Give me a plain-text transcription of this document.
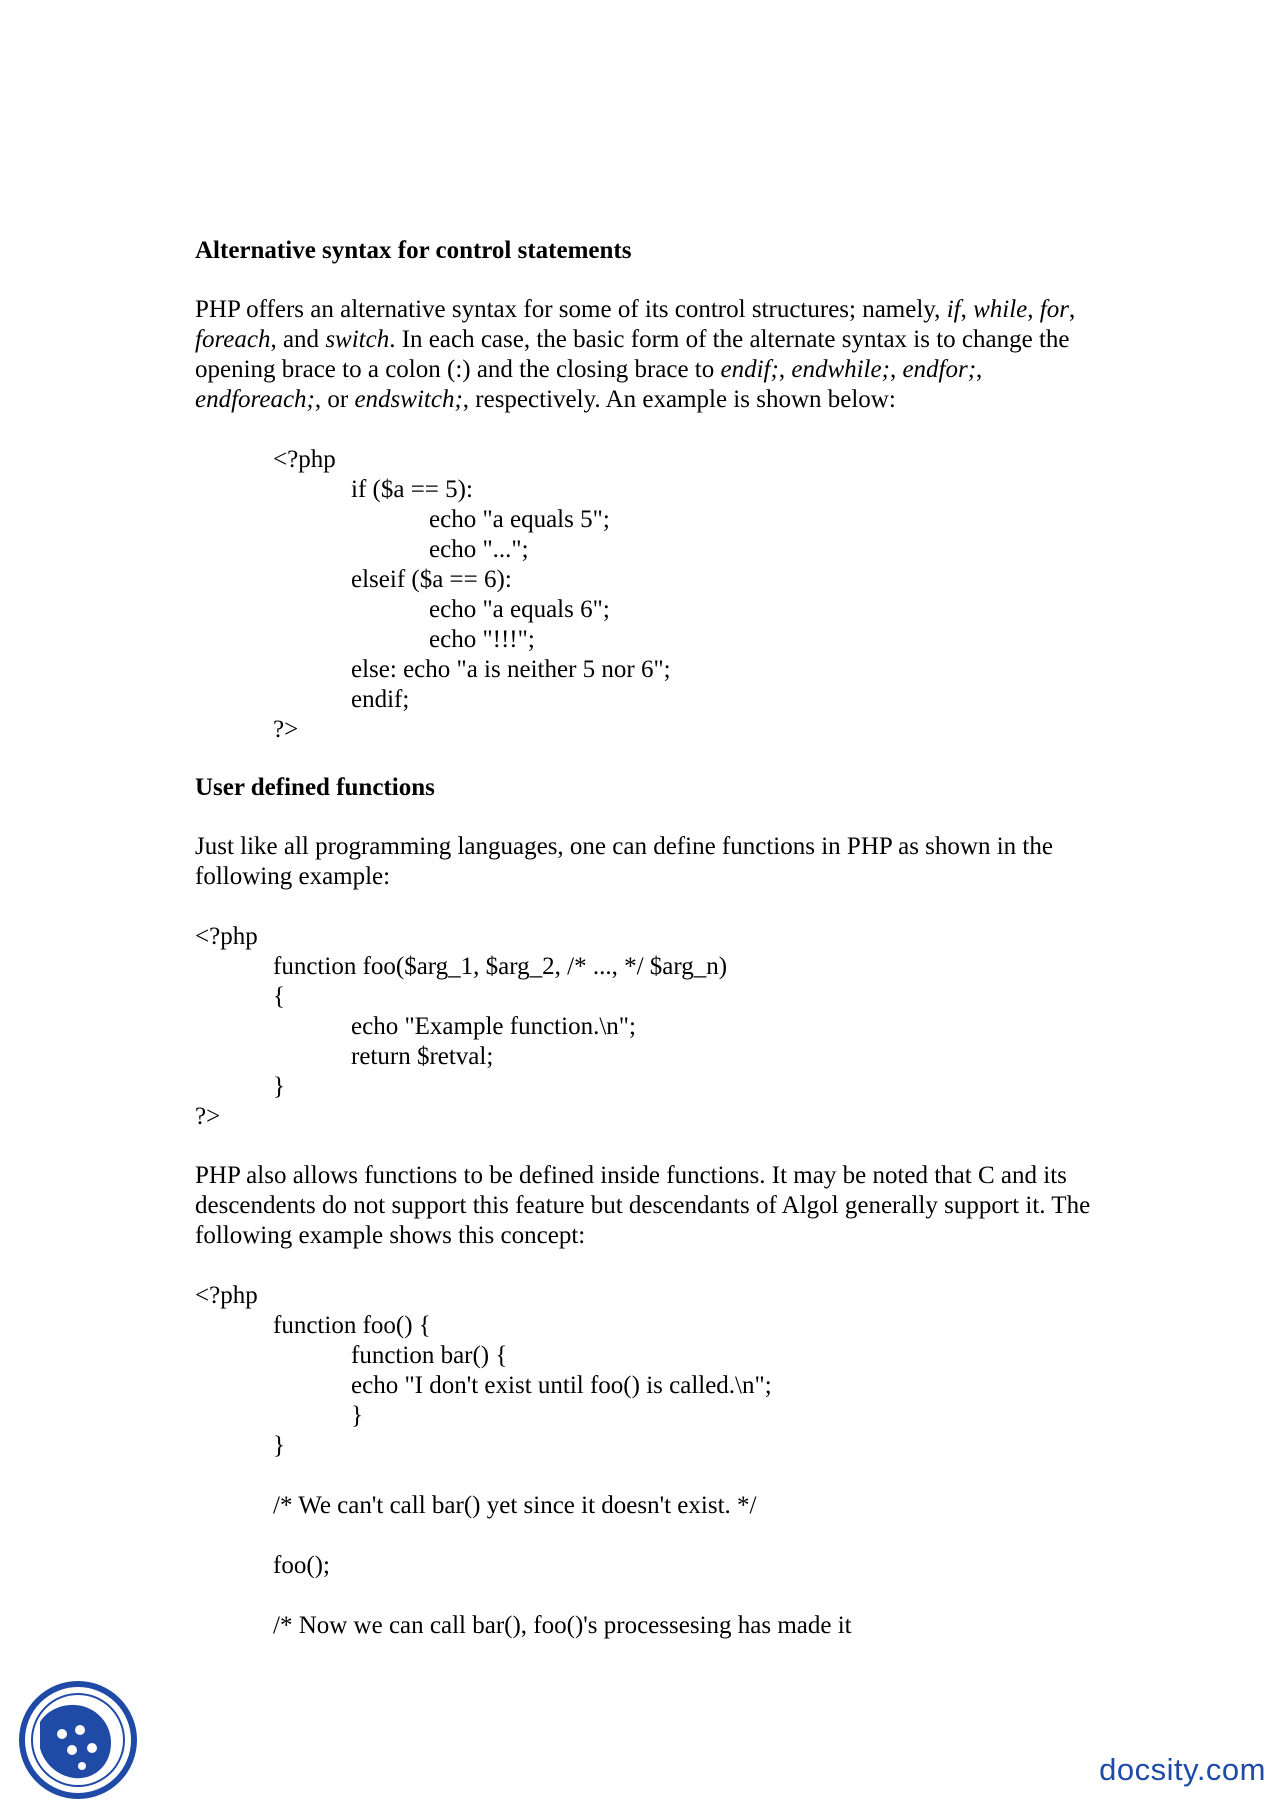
Alternative syntax for control statements
PHP offers an alternative syntax for some of its control structures; namely, if, while, for,
foreach, and switch. In each case, the basic form of the alternate syntax is to change the
opening brace to a colon (:) and the closing brace to endif;, endwhile;, endfor;,
endforeach;, or endswitch;, respectively. An example is shown below:
<?php
if ($a == 5):
echo "a equals 5";
echo "...";
elseif ($a == 6):
echo "a equals 6";
echo "!!!";
else: echo "a is neither 5 nor 6";
endif;
?>
User defined functions
Just like all programming languages, one can define functions in PHP as shown in the
following example:
<?php
function foo($arg_1, $arg_2, /* ..., */ $arg_n)
{
echo "Example function.\n";
return $retval;
}
?>
PHP also allows functions to be defined inside functions. It may be noted that C and its
descendents do not support this feature but descendants of Algol generally support it. The
following example shows this concept:
<?php
function foo() {
function bar() {
echo "I don't exist until foo() is called.\n";
}
}
/* We can't call bar() yet since it doesn't exist. */
foo();
/* Now we can call bar(), foo()'s processesing has made it
docsity.com
